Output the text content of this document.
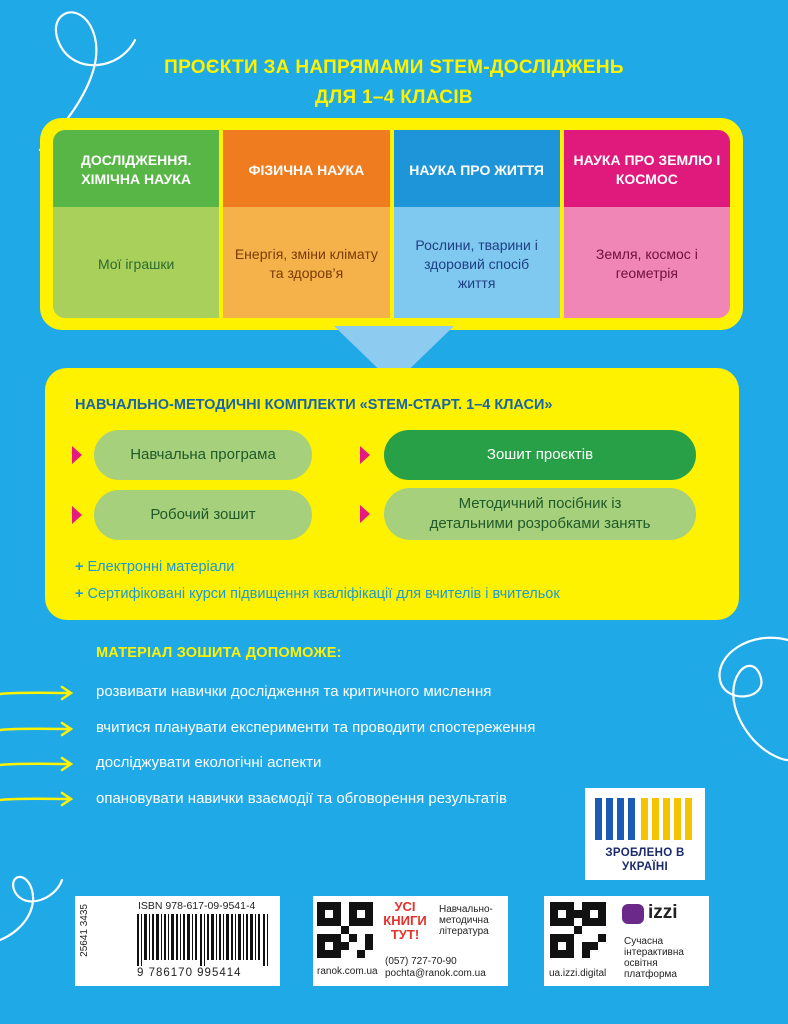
ПРОЄКТИ ЗА НАПРЯМАМИ STEM-ДОСЛІДЖЕНЬ
ДЛЯ 1–4 КЛАСІВ
ДОСЛІДЖЕННЯ. ХІМІЧНА НАУКА
ФІЗИЧНА НАУКА	НАУКА ПРО ЖИТТЯ
НАУКА ПРО ЗЕМЛЮ І КОСМОС
Мої іграшки
Енергія, зміни клімату та здоров’я
Рослини, тварини і здоровий спосіб життя
Земля, космос і геометрія
НАВЧАЛЬНО-МЕТОДИЧНІ КОМПЛЕКТИ «STEM-СТАРТ. 1–4 КЛАСИ»
Навчальна програма
Робочий зошит
Зошит проєктів
Методичний посібник із детальними розробками занять
+ Електронні матеріали
+ Сертифіковані курси підвищення кваліфікації для вчителів і вчительок
МАТЕРІАЛ ЗОШИТА ДОПОМОЖЕ:
розвивати навички дослідження та критичного мислення
вчитися планувати експерименти та проводити спостереження
досліджувати екологічні аспекти
опановувати навички взаємодії та обговорення результатів
ЗРОБЛЕНО В УКРАЇНІ
ISBN 978-617-09-9541-4
25641 3435
9 786170 995414
УСІ
КНИГИ
ТУТ!
Навчально-методична література
ranok.com.ua
(057) 727-70-90
pochta@ranok.com.ua
izzi
Сучасна інтерактивна освітня платформа
ua.izzi.digital
